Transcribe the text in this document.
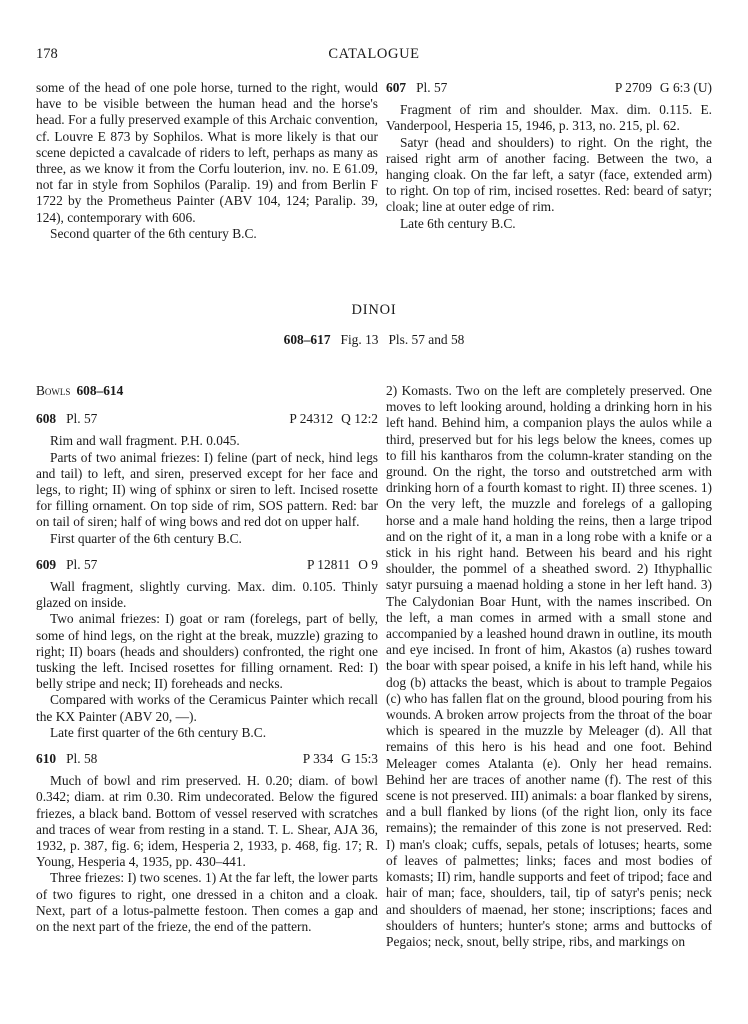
178	CATALOGUE

some of the head of one pole horse, turned to the right, would have to be visible between the human head and the horse's head. For a fully preserved example of this Archaic convention, cf. Louvre E 873 by Sophilos. What is more likely is that our scene depicted a cavalcade of riders to left, perhaps as many as three, as we know it from the Corfu louterion, inv. no. E 61.09, not far in style from Sophilos (Paralip. 19) and from Berlin F 1722 by the Prometheus Painter (ABV 104, 124; Paralip. 39, 124), contemporary with 606.

Second quarter of the 6th century B.C.

607 Pl. 57	P 2709 G 6:3 (U)

Fragment of rim and shoulder. Max. dim. 0.115. E. Vanderpool, Hesperia 15, 1946, p. 313, no. 215, pl. 62.

Satyr (head and shoulders) to right. On the right, the raised right arm of another facing. Between the two, a hanging cloak. On the far left, a satyr (face, extended arm) to right. On top of rim, incised rosettes. Red: beard of satyr; cloak; line at outer edge of rim.

Late 6th century B.C.

DINOI
608–617 Fig. 13 Pls. 57 and 58
Bowls 608–614
608 Pl. 57	P 24312 Q 12:2

Rim and wall fragment. P.H. 0.045.

Parts of two animal friezes: I) feline (part of neck, hind legs and tail) to left, and siren, preserved except for her face and legs, to right; II) wing of sphinx or siren to left. Incised rosette for filling ornament. On top side of rim, SOS pattern. Red: bar on tail of siren; half of wing bows and red dot on upper half.

First quarter of the 6th century B.C.

609 Pl. 57	P 12811 O 9

Wall fragment, slightly curving. Max. dim. 0.105. Thinly glazed on inside.

Two animal friezes: I) goat or ram (forelegs, part of belly, some of hind legs, on the right at the break, muzzle) grazing to right; II) boars (heads and shoulders) confronted, the right one tusking the left. Incised rosettes for filling ornament. Red: I) belly stripe and neck; II) foreheads and necks.

Compared with works of the Ceramicus Painter which recall the KX Painter (ABV 20, —).

Late first quarter of the 6th century B.C.

610 Pl. 58	P 334 G 15:3

Much of bowl and rim preserved. H. 0.20; diam. of bowl 0.342; diam. at rim 0.30. Rim undecorated. Below the figured friezes, a black band. Bottom of vessel reserved with scratches and traces of wear from resting in a stand. T. L. Shear, AJA 36, 1932, p. 387, fig. 6; idem, Hesperia 2, 1933, p. 468, fig. 17; R. Young, Hesperia 4, 1935, pp. 430–441.

Three friezes: I) two scenes. 1) At the far left, the lower parts of two figures to right, one dressed in a chiton and a cloak. Next, part of a lotus-palmette festoon. Then comes a gap and on the next part of the frieze, the end of the pattern.

2) Komasts. Two on the left are completely preserved. One moves to left looking around, holding a drinking horn in his left hand. Behind him, a companion plays the aulos while a third, preserved but for his legs below the knees, comes up to fill his kantharos from the column-krater standing on the ground. On the right, the torso and outstretched arm with drinking horn of a fourth komast to right. II) three scenes. 1) On the very left, the muzzle and forelegs of a galloping horse and a male hand holding the reins, then a large tripod and on the right of it, a man in a long robe with a knife or a stick in his right hand. Between his beard and his right shoulder, the pommel of a sheathed sword. 2) Ithyphallic satyr pursuing a maenad holding a stone in her left hand. 3) The Calydonian Boar Hunt, with the names inscribed. On the left, a man comes in armed with a small stone and accompanied by a leashed hound drawn in outline, its mouth and eye incised. In front of him, Akastos (a) rushes toward the boar with spear poised, a knife in his left hand, while his dog (b) attacks the beast, which is about to trample Pegaios (c) who has fallen flat on the ground, blood pouring from his wounds. A broken arrow projects from the throat of the boar which is speared in the muzzle by Meleager (d). All that remains of this hero is his head and one foot. Behind Meleager comes Atalanta (e). Only her head remains. Behind her are traces of another name (f). The rest of this scene is not preserved. III) animals: a boar flanked by sirens, and a bull flanked by lions (of the right lion, only its face remains); the remainder of this zone is not preserved. Red: I) man's cloak; cuffs, sepals, petals of lotuses; hearts, some of leaves of palmettes; links; faces and most bodies of komasts; II) rim, handle supports and feet of tripod; face and hair of man; face, shoulders, tail, tip of satyr's penis; neck and shoulders of maenad, her stone; inscriptions; faces and shoulders of hunters; hunter's stone; arms and buttocks of Pegaios; neck, snout, belly stripe, ribs, and markings on
